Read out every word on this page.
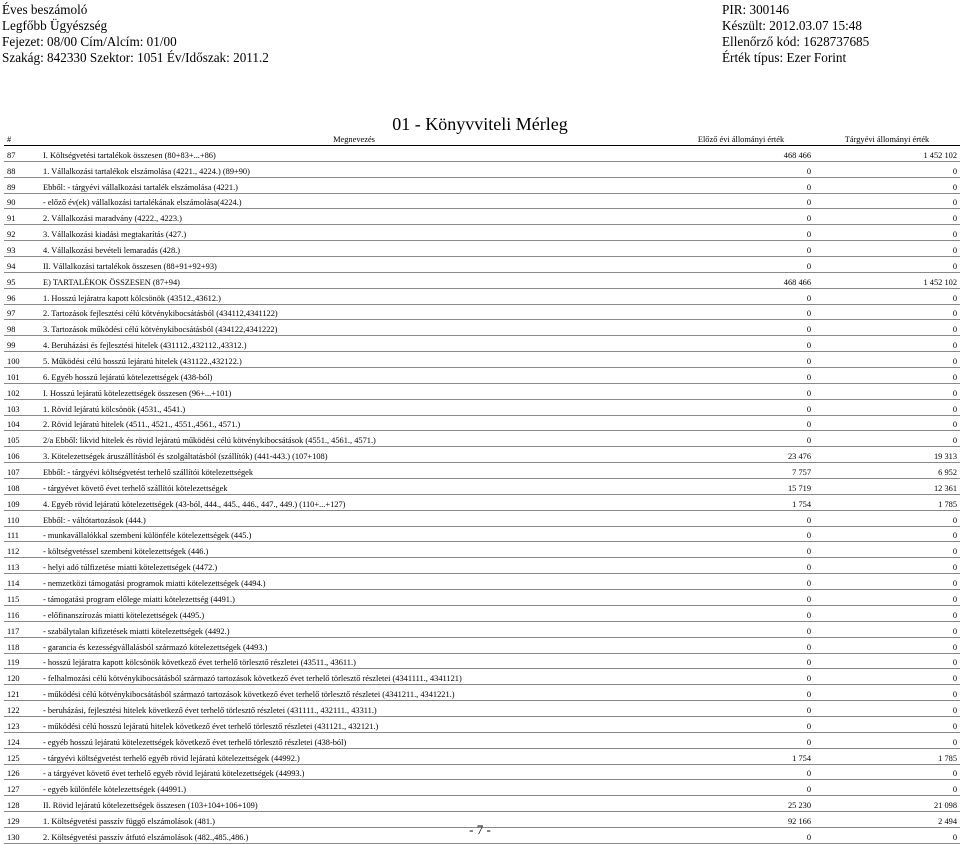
Éves beszámoló
Legfőbb Ügyészség
Fejezet: 08/00 Cím/Alcím: 01/00
Szakág: 842330 Szektor: 1051 Év/Időszak: 2011.2
PIR: 300146
Készült: 2012.03.07 15:48
Ellenőrző kód: 1628737685
Érték típus: Ezer Forint
01 - Könyvviteli Mérleg
#	Megnevezés	Előző évi állományi érték	Tárgyévi állományi érték
87	I. Költségvetési tartalékok összesen (80+83+...+86)	468 466	1 452 102
88	1. Vállalkozási tartalékok elszámolása (4221., 4224.) (89+90)	0	0
89	Ebből: - tárgyévi vállalkozási tartalék elszámolása (4221.)	0	0
90	- előző év(ek) vállalkozási tartalékának elszámolása(4224.)	0	0
91	2. Vállalkozási maradvány (4222., 4223.)	0	0
92	3. Vállalkozási kiadási megtakarítás (427.)	0	0
93	4. Vállalkozási bevételi lemaradás (428.)	0	0
94	II. Vállalkozási tartalékok összesen (88+91+92+93)	0	0
95	E) TARTALÉKOK ÖSSZESEN (87+94)	468 466	1 452 102
96	1. Hosszú lejáratra kapott kölcsönök (43512.,43612.)	0	0
97	2. Tartozások fejlesztési célú kötvénykibocsátásból (434112,4341122)	0	0
98	3. Tartozások működési célú kötvénykibocsátásból (434122,4341222)	0	0
99	4. Beruházási és fejlesztési hitelek (431112.,432112.,43312.)	0	0
100	5. Működési célú hosszú lejáratú hitelek (431122.,432122.)	0	0
101	6. Egyéb hosszú lejáratú kötelezettségek (438-ból)	0	0
102	I. Hosszú lejáratú kötelezettségek összesen (96+...+101)	0	0
103	1. Rövid lejáratú kölcsönök (4531., 4541.)	0	0
104	2. Rövid lejáratú hitelek (4511., 4521., 4551.,4561., 4571.)	0	0
105	2/a Ebből: likvid hitelek és rövid lejáratú működési célú kötvénykibocsátások (4551., 4561., 4571.)	0	0
106	3. Kötelezettségek áruszállításból és szolgáltatásból (szállítók) (441-443.) (107+108)	23 476	19 313
107	Ebből: - tárgyévi költségvetést terhelő szállítói kötelezettségek	7 757	6 952
108	- tárgyévet követő évet terhelő szállítói kötelezettségek	15 719	12 361
109	4. Egyéb rövid lejáratú kötelezettségek (43-ból, 444., 445., 446., 447., 449.) (110+...+127)	1 754	1 785
110	Ebből: - váltótartozások (444.)	0	0
111	- munkavállalókkal szembeni különféle kötelezettségek (445.)	0	0
112	- költségvetéssel szembeni kötelezettségek (446.)	0	0
113	- helyi adó túlfizetése miatti kötelezettségek (4472.)	0	0
114	- nemzetközi támogatási programok miatti kötelezettségek (4494.)	0	0
115	- támogatási program előlege miatti kötelezettség (4491.)	0	0
116	- előfinanszírozás miatti kötelezettségek (4495.)	0	0
117	- szabálytalan kifizetések miatti kötelezettségek (4492.)	0	0
118	- garancia és kezességvállalásból származó kötelezettségek (4493.)	0	0
119	- hosszú lejáratra kapott kölcsönök következő évet terhelő törlesztő részletei (43511., 43611.)	0	0
120	- felhalmozási célú kötvénykibocsátásból származó tartozások következő évet terhelő törlesztő részletei (4341111., 4341121)	0	0
121	- működési célú kötvénykibocsátásból származó tartozások következő évet terhelő törlesztő részletei (4341211., 4341221.)	0	0
122	- beruházási, fejlesztési hitelek következő évet terhelő törlesztő részletei (431111., 432111., 43311.)	0	0
123	- működési célú hosszú lejáratú hitelek következő évet terhelő törlesztő részletei (431121., 432121.)	0	0
124	- egyéb hosszú lejáratú kötelezettségek következő évet terhelő törlesztő részletei (438-ból)	0	0
125	- tárgyévi költségvetést terhelő egyéb rövid lejáratú kötelezettségek (44992.)	1 754	1 785
126	- a tárgyévet követő évet terhelő egyéb rövid lejáratú kötelezettségek (44993.)	0	0
127	- egyéb különféle kötelezettségek (44991.)	0	0
128	II. Rövid lejáratú kötelezettségek összesen (103+104+106+109)	25 230	21 098
129	1. Költségvetési passzív függő elszámolások (481.)	92 166	2 494
130	2. Költségvetési passzív átfutó elszámolások (482.,485.,486.)	0	0
- 7 -
